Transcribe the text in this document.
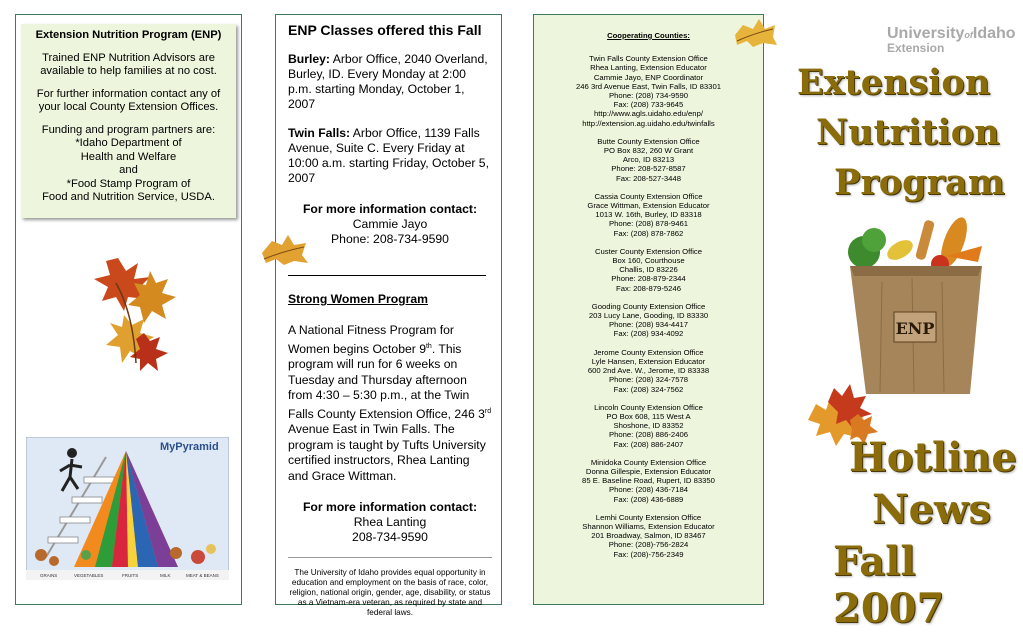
Extension Nutrition Program (ENP)

Trained ENP Nutrition Advisors are available to help families at no cost.

For further information contact any of your local County Extension Offices.

Funding and program partners are:
*Idaho Department of
Health and Welfare
and
*Food Stamp Program of
Food and Nutrition Service, USDA.

MyPyramid
GRAINS	VEGETABLES	FRUITS	MILK	MEAT & BEANS
ENP Classes offered this Fall
Burley: Arbor Office, 2040 Overland, Burley, ID. Every Monday at 2:00 p.m. starting Monday, October 1, 2007
Twin Falls: Arbor Office, 1139 Falls Avenue, Suite C. Every Friday at 10:00 a.m. starting Friday, October 5, 2007
For more information contact:
Cammie Jayo
Phone: 208-734-9590
Strong Women Program
A National Fitness Program for Women begins October 9th. This program will run for 6 weeks on Tuesday and Thursday afternoon from 4:30 – 5:30 p.m., at the Twin Falls County Extension Office, 246 3rd Avenue East in Twin Falls. The program is taught by Tufts University certified instructors, Rhea Lanting and Grace Wittman.
For more information contact:
Rhea Lanting
208-734-9590
The University of Idaho provides equal opportunity in education and employment on the basis of race, color, religion, national origin, gender, age, disability, or status as a Vietnam-era veteran, as required by state and federal laws.
Cooperating Counties:
Twin Falls County Extension Office
Rhea Lanting, Extension Educator
Cammie Jayo, ENP Coordinator
246 3rd Avenue East, Twin Falls, ID 83301
Phone: (208) 734-9590
Fax: (208) 733-9645
http://www.agls.uidaho.edu/enp/
http://extension.ag.uidaho.edu/twinfalls
Butte County Extension Office
PO Box 832, 260 W Grant
Arco, ID 83213
Phone: 208-527-8587
Fax: 208-527-3448
Cassia County Extension Office
Grace Wittman, Extension Educator
1013 W. 16th, Burley, ID 83318
Phone: (208) 878-9461
Fax: (208) 878-7862
Custer County Extension Office
Box 160, Courthouse
Challis, ID 83226
Phone: 208-879-2344
Fax: 208-879-5246
Gooding County Extension Office
203 Lucy Lane, Gooding, ID 83330
Phone: (208) 934-4417
Fax: (208) 934-4092
Jerome County Extension Office
Lyle Hansen, Extension Educator
600 2nd Ave. W., Jerome, ID 83338
Phone: (208) 324-7578
Fax: (208) 324-7562
Lincoln County Extension Office
PO Box 608, 115 West A
Shoshone, ID 83352
Phone: (208) 886-2406
Fax: (208) 886-2407
Minidoka County Extension Office
Donna Gillespie, Extension Educator
85 E. Baseline Road, Rupert, ID 83350
Phone: (208) 436-7184
Fax: (208) 436-6889
Lemhi County Extension Office
Shannon Williams, Extension Educator
201 Broadway, Salmon, ID 83467
Phone: (208)-756-2824
Fax: (208)-756-2349
UniversityofIdaho
$^{Extension}$
Extension
Nutrition
Program
ENP
Hotline
News
Fall 2007
